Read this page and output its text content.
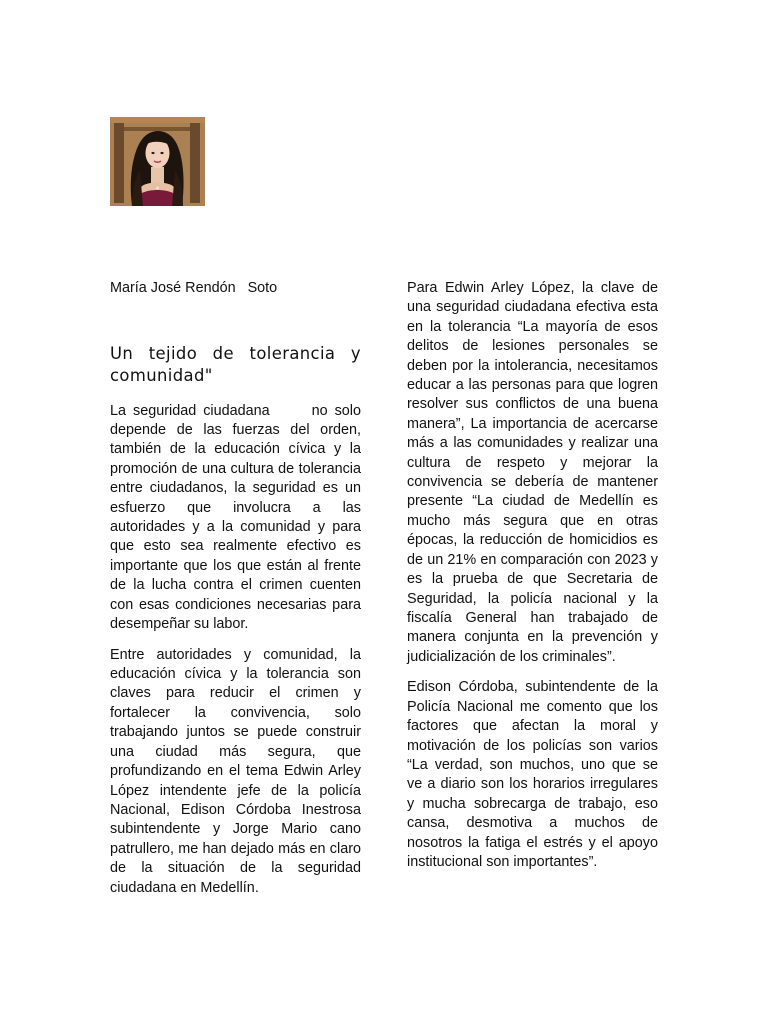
María José Rendón   Soto

Un tejido de tolerancia y comunidad"

La seguridad ciudadana      no solo depende de las fuerzas del orden, también de la educación cívica y la promoción de una cultura de tolerancia entre ciudadanos, la seguridad es un esfuerzo que involucra a las autoridades y a la comunidad y para que esto sea realmente efectivo es importante que los que están al frente de la lucha contra el crimen cuenten con esas condiciones necesarias para desempeñar su labor.

Entre autoridades y comunidad, la educación cívica y la tolerancia son claves para reducir el crimen y fortalecer la convivencia, solo trabajando juntos se puede construir una ciudad más segura, que profundizando en el tema Edwin Arley López intendente jefe de la policía Nacional, Edison Córdoba Inestrosa subintendente y Jorge Mario cano patrullero, me han dejado más en claro de la situación de la seguridad ciudadana en Medellín.

Para Edwin Arley López, la clave de una seguridad ciudadana efectiva esta en la tolerancia “La mayoría de esos delitos de lesiones personales se deben por la intolerancia, necesitamos educar a las personas para que logren resolver sus conflictos de una buena manera”, La importancia de acercarse más a las comunidades y realizar una cultura de respeto y mejorar la convivencia se debería de mantener presente “La ciudad de Medellín es mucho más segura que en otras épocas, la reducción de homicidios es de un 21% en comparación con 2023 y es la prueba de que Secretaria de Seguridad, la policía nacional y la fiscalía General han trabajado de manera conjunta en la prevención y judicialización de los criminales”.

Edison Córdoba, subintendente de la Policía Nacional me comento que los factores que afectan la moral y motivación de los policías son varios “La verdad, son muchos, uno que se ve a diario son los horarios irregulares y mucha sobrecarga de trabajo, eso cansa, desmotiva a muchos de nosotros la fatiga el estrés y el apoyo institucional son importantes”.
